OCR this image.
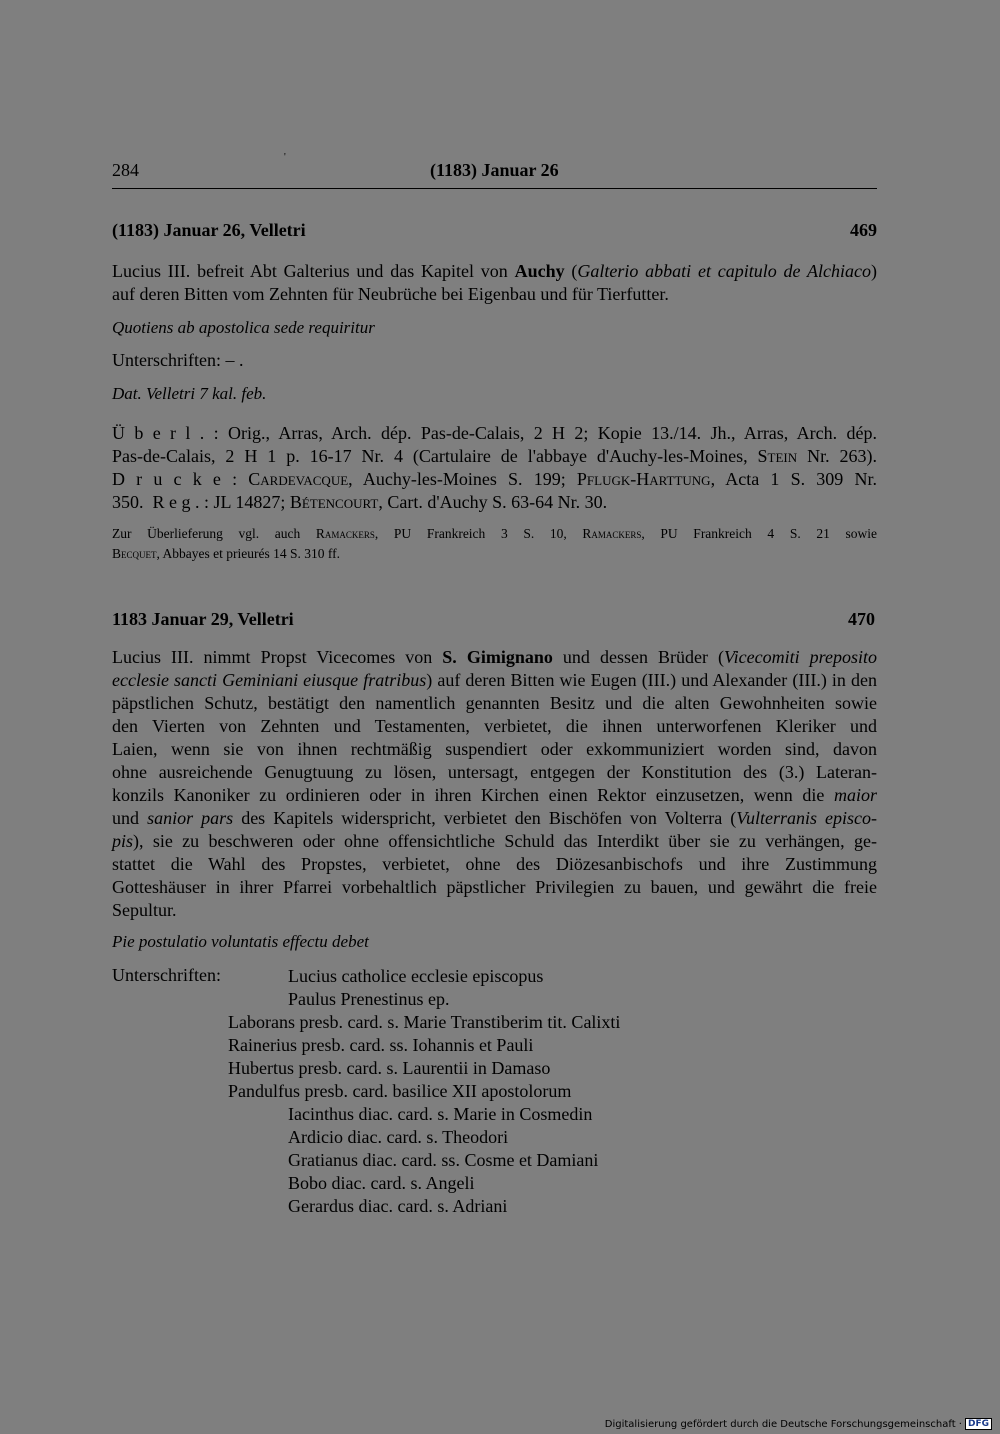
284
'
(1183) Januar 26
(1183) Januar 26, Velletri	469
Lucius III. befreit Abt Galterius und das Kapitel von Auchy (Galterio abbati et capitulo de Alchiaco)
auf deren Bitten vom Zehnten für Neubrüche bei Eigenbau und für Tierfutter.
Quotiens ab apostolica sede requiritur
Unterschriften: – .
Dat. Velletri 7 kal. feb.
Ü b e r l . : Orig., Arras, Arch. dép. Pas-de-Calais, 2 H 2; Kopie 13./14. Jh., Arras, Arch. dép.
Pas-de-Calais, 2 H 1 p. 16-17 Nr. 4 (Cartulaire de l'abbaye d'Auchy-les-Moines, Stein Nr. 263).
D r u c k e : Cardevacque, Auchy-les-Moines S. 199; Pflugk-Harttung, Acta 1 S. 309 Nr.
350.  R e g . : JL 14827; Bétencourt, Cart. d'Auchy S. 63-64 Nr. 30.
Zur Überlieferung vgl. auch Ramackers, PU Frankreich 3 S. 10, Ramackers, PU Frankreich 4 S. 21 sowie
Becquet, Abbayes et prieurés 14 S. 310 ff.
1183 Januar 29, Velletri	470
Lucius III. nimmt Propst Vicecomes von S. Gimignano und dessen Brüder (Vicecomiti preposito
ecclesie sancti Geminiani eiusque fratribus) auf deren Bitten wie Eugen (III.) und Alexander (III.) in den
päpstlichen Schutz, bestätigt den namentlich genannten Besitz und die alten Gewohnheiten sowie
den Vierten von Zehnten und Testamenten, verbietet, die ihnen unterworfenen Kleriker und
Laien, wenn sie von ihnen rechtmäßig suspendiert oder exkommuniziert worden sind, davon
ohne ausreichende Genugtuung zu lösen, untersagt, entgegen der Konstitution des (3.) Lateran-
konzils Kanoniker zu ordinieren oder in ihren Kirchen einen Rektor einzusetzen, wenn die maior
und sanior pars des Kapitels widerspricht, verbietet den Bischöfen von Volterra (Vulterranis episco-
pis), sie zu beschweren oder ohne offensichtliche Schuld das Interdikt über sie zu verhängen, ge-
stattet die Wahl des Propstes, verbietet, ohne des Diözesanbischofs und ihre Zustimmung
Gotteshäuser in ihrer Pfarrei vorbehaltlich päpstlicher Privilegien zu bauen, und gewährt die freie
Sepultur.
Pie postulatio voluntatis effectu debet
Unterschriften:	Lucius catholice ecclesie episcopus
Paulus Prenestinus ep.
Laborans presb. card. s. Marie Transtiberim tit. Calixti
Rainerius presb. card. ss. Iohannis et Pauli
Hubertus presb. card. s. Laurentii in Damaso
Pandulfus presb. card. basilice XII apostolorum
Iacinthus diac. card. s. Marie in Cosmedin
Ardicio diac. card. s. Theodori
Gratianus diac. card. ss. Cosme et Damiani
Bobo diac. card. s. Angeli
Gerardus diac. card. s. Adriani
Digitalisierung gefördert durch die Deutsche Forschungsgemeinschaft · DFG
